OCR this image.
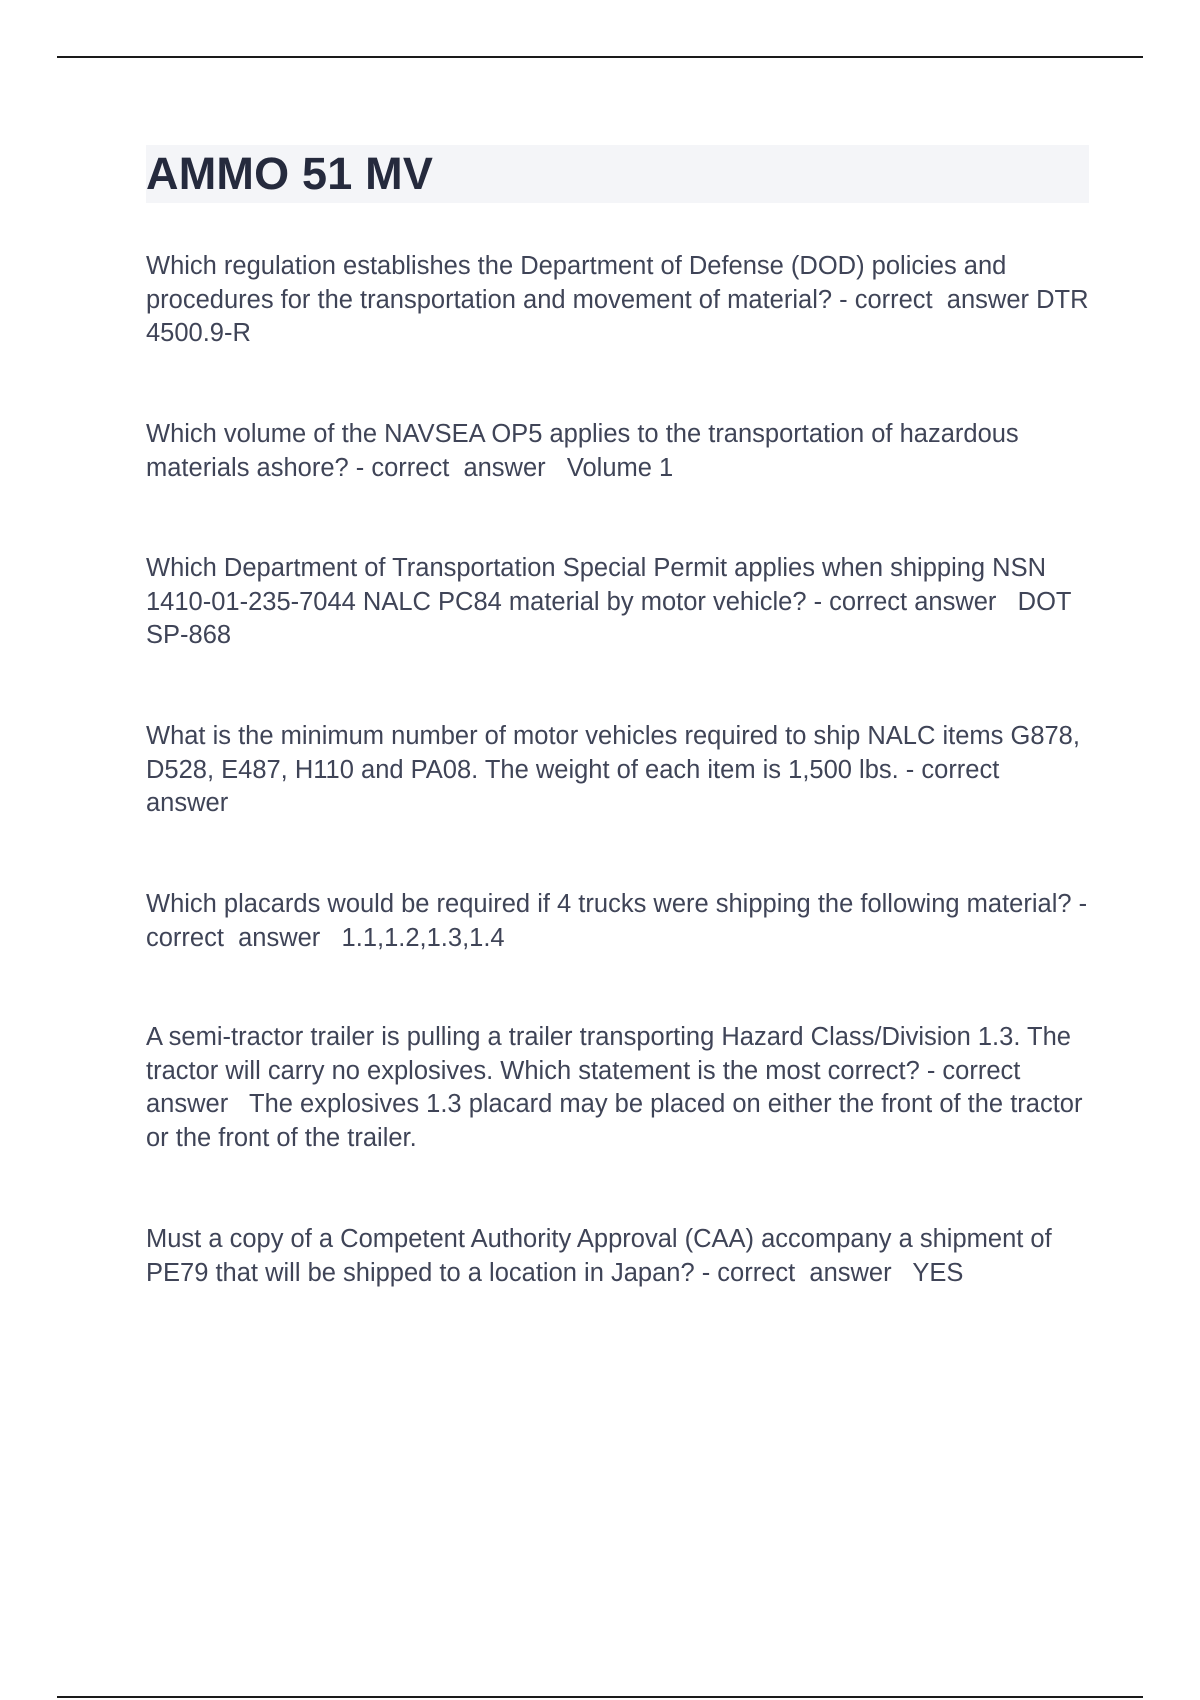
AMMO 51 MV

Which regulation establishes the Department of Defense (DOD) policies and procedures for the transportation and movement of material? - correct  answer DTR 4500.9-R

Which volume of the NAVSEA OP5 applies to the transportation of hazardous materials ashore? - correct  answer   Volume 1

Which Department of Transportation Special Permit applies when shipping NSN 1410-01-235-7044 NALC PC84 material by motor vehicle? - correct answer   DOT SP-868

What is the minimum number of motor vehicles required to ship NALC items G878, D528, E487, H110 and PA08. The weight of each item is 1,500 lbs. - correct  answer

Which placards would be required if 4 trucks were shipping the following material? - correct  answer   1.1,1.2,1.3,1.4

A semi-tractor trailer is pulling a trailer transporting Hazard Class/Division 1.3. The tractor will carry no explosives. Which statement is the most correct? - correct  answer   The explosives 1.3 placard may be placed on either the front of the tractor or the front of the trailer.

Must a copy of a Competent Authority Approval (CAA) accompany a shipment of PE79 that will be shipped to a location in Japan? - correct  answer   YES
